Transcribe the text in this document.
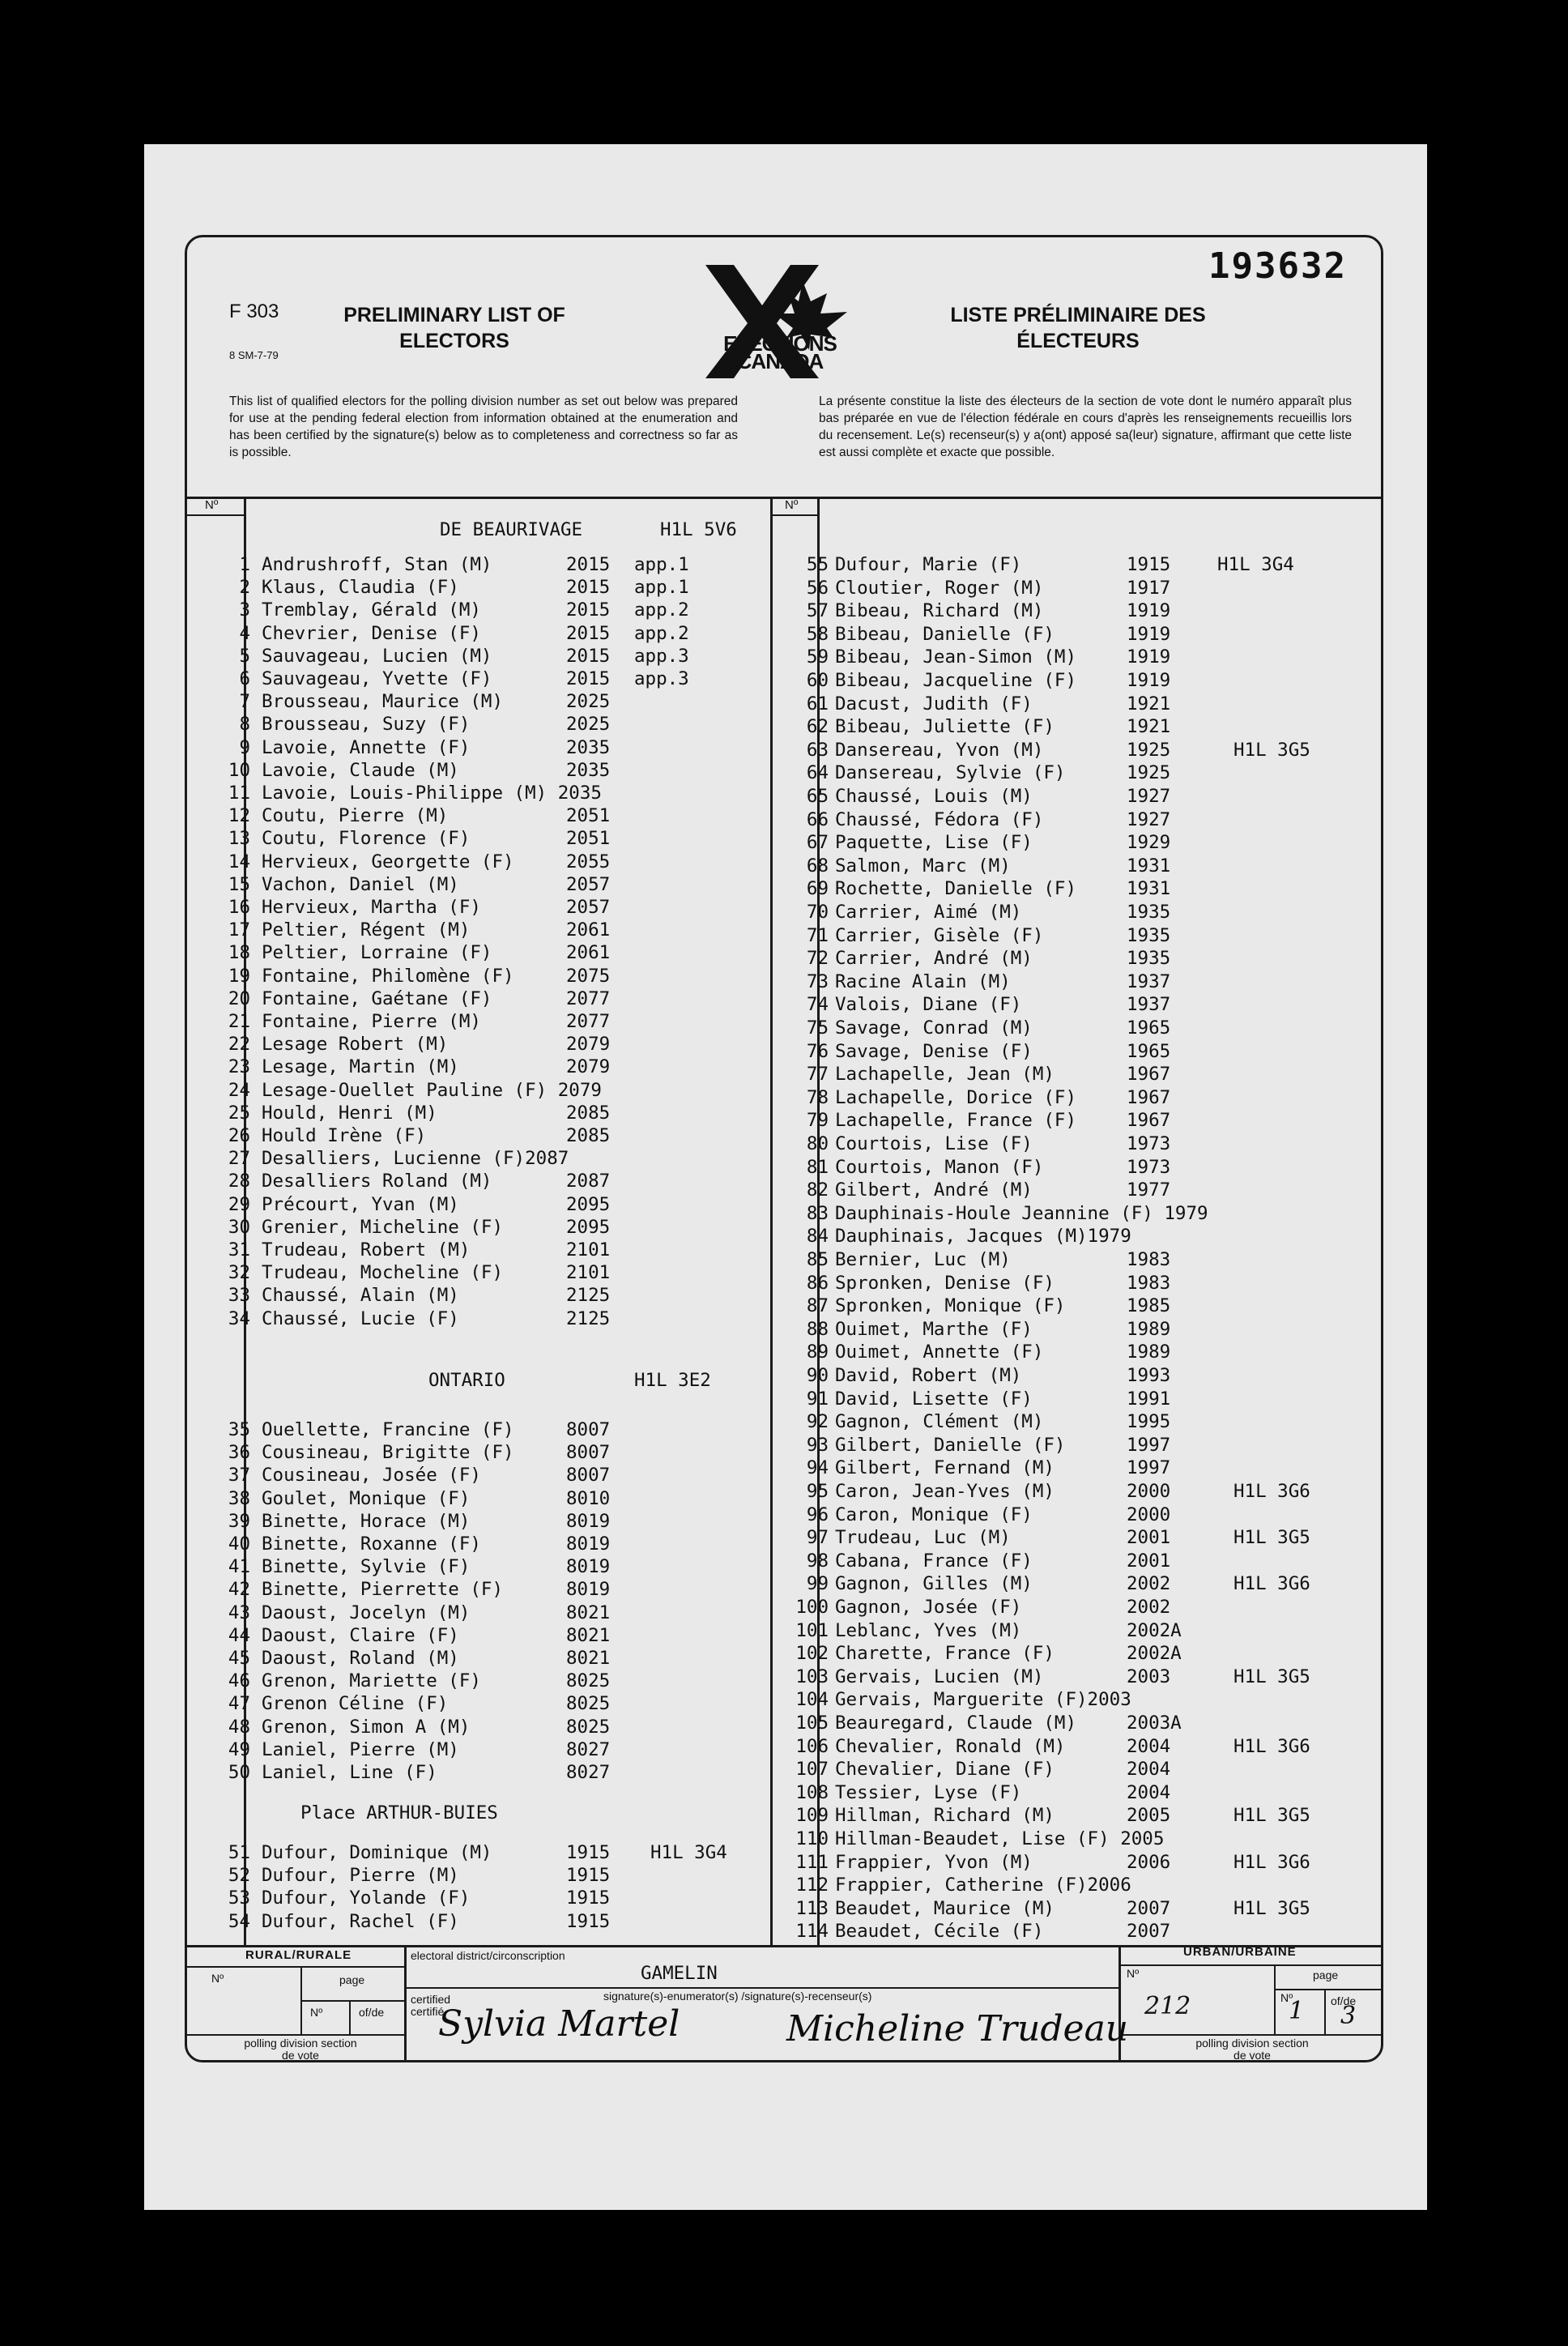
193632
F 303
8 SM-7-79
PRELIMINARY LIST OF ELECTORS
LISTE PRÉLIMINAIRE DES ÉLECTEURS
ELECTIONS CANADA
This list of qualified electors for the polling division number as set out below was prepared for use at the pending federal election from information obtained at the enumeration and has been certified by the signature(s) below as to completeness and correctness so far as is possible.
La présente constitue la liste des électeurs de la section de vote dont le numéro apparaît plus bas préparée en vue de l'élection fédérale en cours d'après les renseignements recueillis lors du recensement. Le(s) recenseur(s) y a(ont) apposé sa(leur) signature, affirmant que cette liste est aussi complète et exacte que possible.
Nº	Nº
DE BEAURIVAGE	H1L 5V6
ONTARIO	H1L 3E2
Place ARTHUR-BUIES
1 Andrushroff, Stan (M)	2015 app.1
2 Klaus, Claudia (F)	2015 app.1
3 Tremblay, Gérald (M)	2015 app.2
4 Chevrier, Denise (F)	2015 app.2
5 Sauvageau, Lucien (M)	2015 app.3
6 Sauvageau, Yvette (F)	2015 app.3
7 Brousseau, Maurice (M)	2025
8 Brousseau, Suzy (F)	2025
9 Lavoie, Annette (F)	2035
10 Lavoie, Claude (M)	2035
11 Lavoie, Louis-Philippe (M) 2035
12 Coutu, Pierre (M)	2051
13 Coutu, Florence (F)	2051
14 Hervieux, Georgette (F)	2055
15 Vachon, Daniel (M)	2057
16 Hervieux, Martha (F)	2057
17 Peltier, Régent (M)	2061
18 Peltier, Lorraine (F)	2061
19 Fontaine, Philomène (F)	2075
20 Fontaine, Gaétane (F)	2077
21 Fontaine, Pierre (M)	2077
22 Lesage Robert (M)	2079
23 Lesage, Martin (M)	2079
24 Lesage-Ouellet Pauline (F) 2079
25 Hould, Henri (M)	2085
26 Hould Irène (F)	2085
27 Desalliers, Lucienne (F)2087
28 Desalliers Roland (M)	2087
29 Précourt, Yvan (M)	2095
30 Grenier, Micheline (F)	2095
31 Trudeau, Robert (M)	2101
32 Trudeau, Mocheline (F)	2101
33 Chaussé, Alain (M)	2125
34 Chaussé, Lucie (F)	2125
35 Ouellette, Francine (F)	8007
36 Cousineau, Brigitte (F)	8007
37 Cousineau, Josée (F)	8007
38 Goulet, Monique (F)	8010
39 Binette, Horace (M)	8019
40 Binette, Roxanne (F)	8019
41 Binette, Sylvie (F)	8019
42 Binette, Pierrette (F)	8019
43 Daoust, Jocelyn (M)	8021
44 Daoust, Claire (F)	8021
45 Daoust, Roland (M)	8021
46 Grenon, Mariette (F)	8025
47 Grenon Céline (F)	8025
48 Grenon, Simon A (M)	8025
49 Laniel, Pierre (M)	8027
50 Laniel, Line (F)	8027
51 Dufour, Dominique (M)	1915 H1L 3G4
52 Dufour, Pierre (M)	1915
53 Dufour, Yolande (F)	1915
54 Dufour, Rachel (F)	1915
55 Dufour, Marie (F)	1915	H1L 3G4
56 Cloutier, Roger (M)	1917
57 Bibeau, Richard (M)	1919
58 Bibeau, Danielle (F)	1919
59 Bibeau, Jean-Simon (M)	1919
60 Bibeau, Jacqueline (F)	1919
61 Dacust, Judith (F)	1921
62 Bibeau, Juliette (F)	1921
63 Dansereau, Yvon (M)	1925	H1L 3G5
64 Dansereau, Sylvie (F)	1925
65 Chaussé, Louis (M)	1927
66 Chaussé, Fédora (F)	1927
67 Paquette, Lise (F)	1929
68 Salmon, Marc (M)	1931
69 Rochette, Danielle (F)	1931
70 Carrier, Aimé (M)	1935
71 Carrier, Gisèle (F)	1935
72 Carrier, André (M)	1935
73 Racine Alain (M)	1937
74 Valois, Diane (F)	1937
75 Savage, Conrad (M)	1965
76 Savage, Denise (F)	1965
77 Lachapelle, Jean (M)	1967
78 Lachapelle, Dorice (F)	1967
79 Lachapelle, France (F)	1967
80 Courtois, Lise (F)	1973
81 Courtois, Manon (F)	1973
82 Gilbert, André (M)	1977
83 Dauphinais-Houle Jeannine (F) 1979
84 Dauphinais, Jacques (M)1979
85 Bernier, Luc (M)	1983
86 Spronken, Denise (F)	1983
87 Spronken, Monique (F)	1985
88 Ouimet, Marthe (F)	1989
89 Ouimet, Annette (F)	1989
90 David, Robert (M)	1993
91 David, Lisette (F)	1991
92 Gagnon, Clément (M)	1995
93 Gilbert, Danielle (F)	1997
94 Gilbert, Fernand (M)	1997
95 Caron, Jean-Yves (M)	2000	H1L 3G6
96 Caron, Monique (F)	2000
97 Trudeau, Luc (M)	2001	H1L 3G5
98 Cabana, France (F)	2001
99 Gagnon, Gilles (M)	2002	H1L 3G6
100 Gagnon, Josée (F)	2002
101 Leblanc, Yves (M)	2002A
102 Charette, France (F)	2002A
103 Gervais, Lucien (M)	2003	H1L 3G5
104 Gervais, Marguerite (F)2003
105 Beauregard, Claude (M)	2003A
106 Chevalier, Ronald (M)	2004	H1L 3G6
107 Chevalier, Diane (F)	2004
108 Tessier, Lyse (F)	2004
109 Hillman, Richard (M)	2005	H1L 3G5
110 Hillman-Beaudet, Lise (F) 2005
111 Frappier, Yvon (M)	2006	H1L 3G6
112 Frappier, Catherine (F)2006
113 Beaudet, Maurice (M)	2007	H1L 3G5
114 Beaudet, Cécile (F)	2007
RURAL/RURALE	URBAN/URBAINE
Nº	page
Nº	of/de
polling division section de vote
electoral district/circonscription
GAMELIN
certified certifié
signature(s)-enumerator(s) /signature(s)-recenseur(s)
Sylvia Martel	Micheline Trudeau
Nº	page
Nº	of/de
212	1 3
polling division section de vote
